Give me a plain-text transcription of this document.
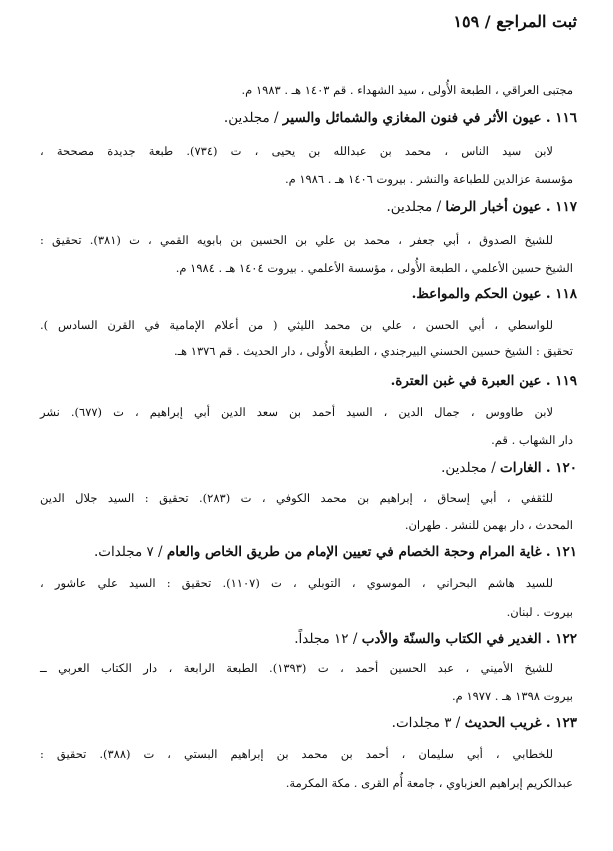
ثبت المراجع / ١٥٩
مجتبى العراقي ، الطبعة الأُولى ، سيد الشهداء . قم ١٤٠٣ هـ . ١٩٨٣ م.
١١٦ . عيون الأثر في فنون المغازي والشمائل والسير / مجلدين.
لابن سيد الناس ، محمد بن عبدالله بن يحيى ، ت (٧٣٤). طبعة جديدة مصححة ،
مؤسسة عزالدين للطباعة والنشر . بيروت ١٤٠٦ هـ . ١٩٨٦ م.
١١٧ . عيون أخبار الرضا / مجلدين.
للشيخ الصدوق ، أبي جعفر ، محمد بن علي بن الحسين بن بابويه القمي ، ت (٣٨١). تحقيق :
الشيخ حسين الأعلمي ، الطبعة الأُولى ، مؤسسة الأعلمي . بيروت ١٤٠٤ هـ . ١٩٨٤ م.
١١٨ . عيون الحكم والمواعظ.
للواسطي ، أبي الحسن ، علي بن محمد الليثي ( من أعلام الإمامية في القرن السادس ).
تحقيق : الشيخ حسين الحسني البيرجندي ، الطبعة الأُولى ، دار الحديث . قم ١٣٧٦ هـ.
١١٩ . عين العبرة في غبن العترة.
لابن طاووس ، جمال الدين ، السيد أحمد بن سعد الدين أبي إبراهيم ، ت (٦٧٧). نشر
دار الشهاب . قم.
١٢٠ . الغارات / مجلدين.
للثقفي ، أبي إسحاق ، إبراهيم بن محمد الكوفي ، ت (٢٨٣). تحقيق : السيد جلال الدين
المحدث ، دار بهمن للنشر . طهران.
١٢١ . غاية المرام وحجة الخصام في تعيين الإمام من طريق الخاص والعام / ٧ مجلدات.
للسيد هاشم البحراني ، الموسوي ، التوبلي ، ت (١١٠٧). تحقيق : السيد علي عاشور ،
بيروت . لبنان.
١٢٢ . الغدير في الكتاب والسنّة والأدب / ١٢ مجلداً.
للشيخ الأميني ، عبد الحسين أحمد ، ت (١٣٩٣). الطبعة الرابعة ، دار الكتاب العربي ــ
بيروت ١٣٩٨ هـ . ١٩٧٧ م.
١٢٣ . غريب الحديث / ٣ مجلدات.
للخطابي ، أبي سليمان ، أحمد بن محمد بن إبراهيم البستي ، ت (٣٨٨). تحقيق :
عبدالكريم إبراهيم العزباوي ، جامعة أُم القرى . مكة المكرمة.
